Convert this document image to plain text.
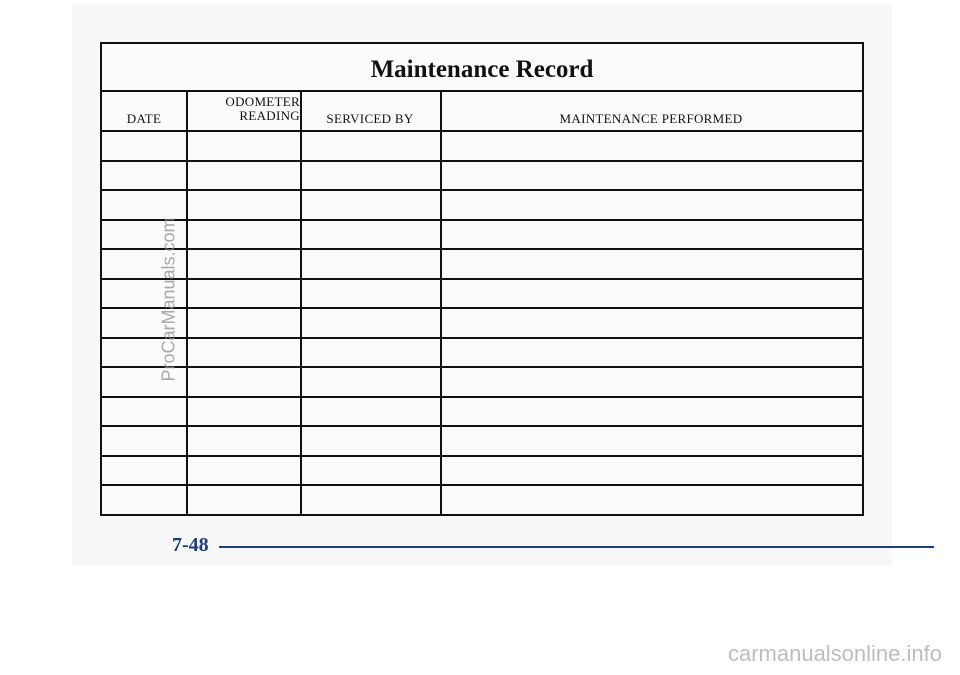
Maintenance Record
DATE
ODOMETER
READING SERVICED BY	MAINTENANCE PERFORMED
ProCarManuals.com
7-48
carmanualsonline.info
